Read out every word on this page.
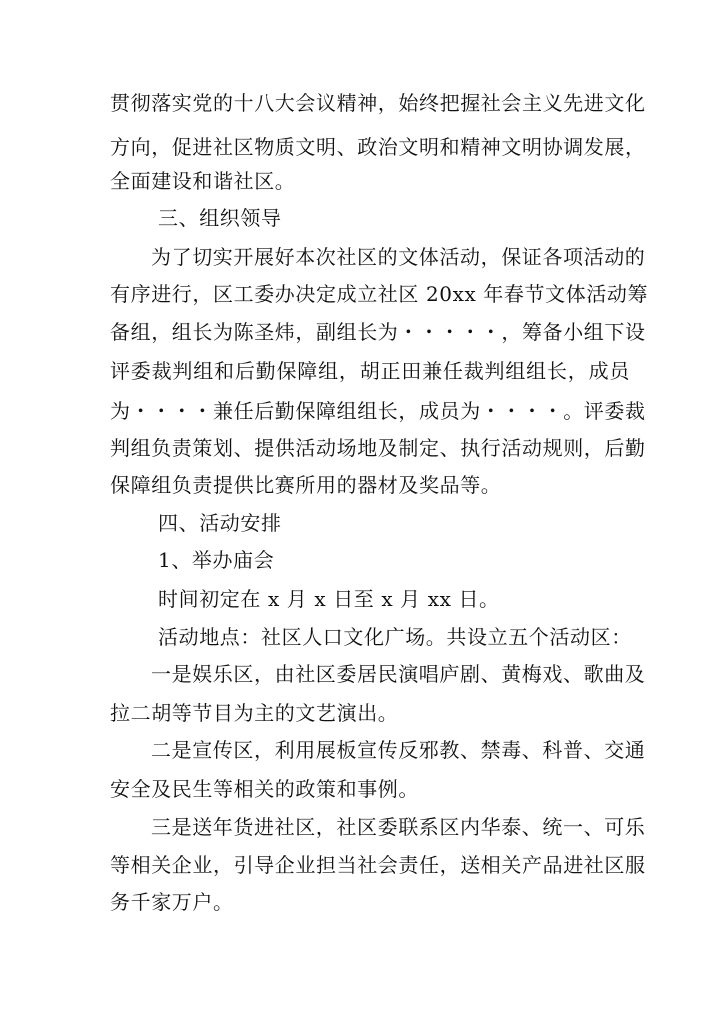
贯彻落实党的十八大会议精神，始终把握社会主义先进文化
方向，促进社区物质文明、政治文明和精神文明协调发展，
全面建设和谐社区。
三、组织领导
为了切实开展好本次社区的文体活动，保证各项活动的
有序进行，区工委办决定成立社区 20xx 年春节文体活动筹
备组，组长为陈圣炜，副组长为・・・・・，筹备小组下设
评委裁判组和后勤保障组，胡正田兼任裁判组组长，成员
为・・・・兼任后勤保障组组长，成员为・・・・。评委裁
判组负责策划、提供活动场地及制定、执行活动规则，后勤
保障组负责提供比赛所用的器材及奖品等。
四、活动安排
1、举办庙会
时间初定在 x 月 x 日至 x 月 xx 日。
活动地点：社区人口文化广场。共设立五个活动区：
一是娱乐区，由社区委居民演唱庐剧、黄梅戏、歌曲及
拉二胡等节目为主的文艺演出。
二是宣传区，利用展板宣传反邪教、禁毒、科普、交通
安全及民生等相关的政策和事例。
三是送年货进社区，社区委联系区内华泰、统一、可乐
等相关企业，引导企业担当社会责任，送相关产品进社区服
务千家万户。
